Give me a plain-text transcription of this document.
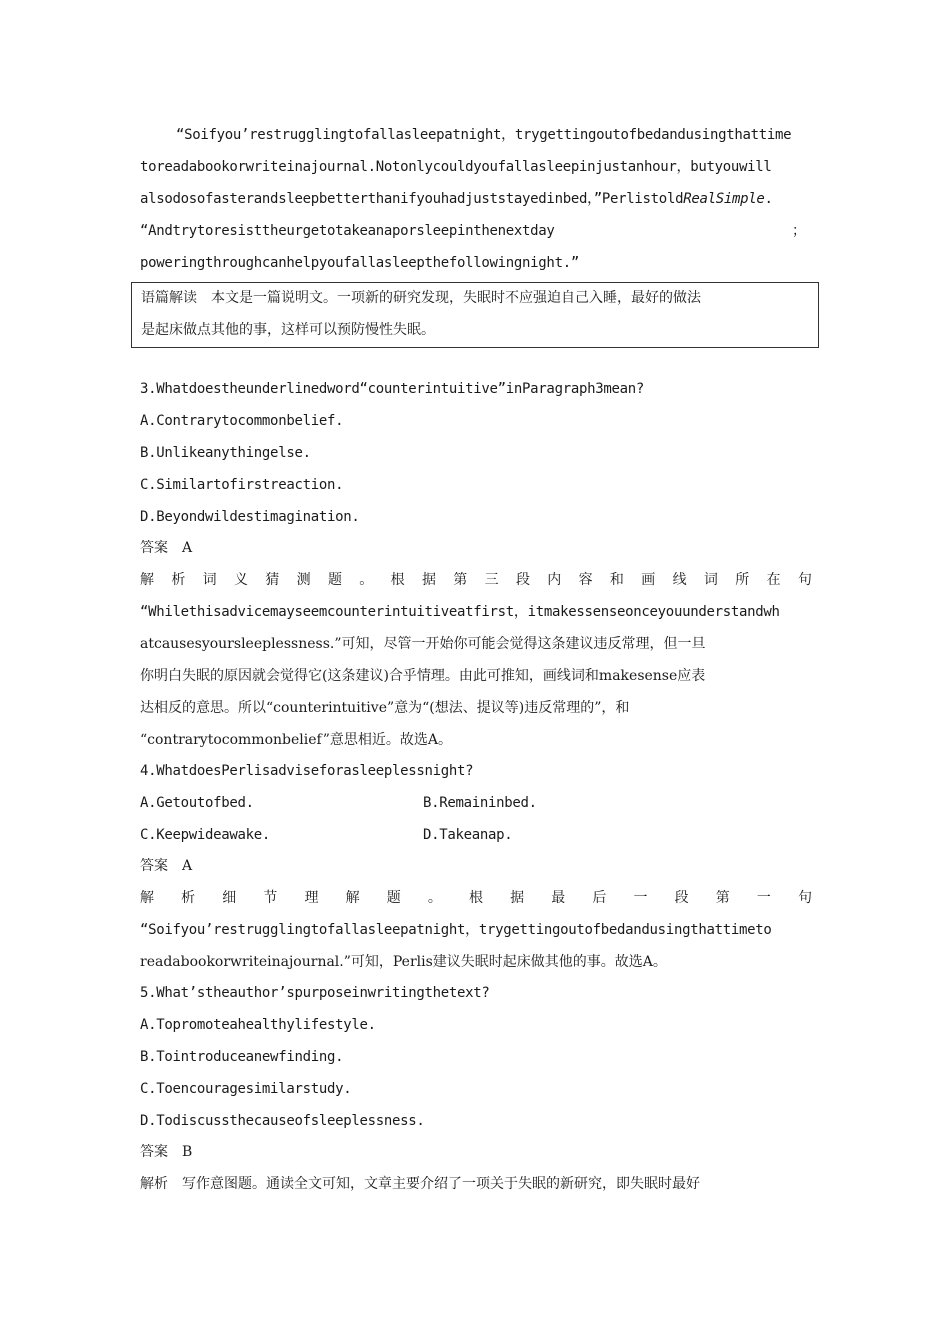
“Soifyou’restrugglingtofallasleepatnight，trygettingoutofbedandusingthattime
toreadabookorwriteinajournal.Notonlycouldyoufallasleepinjustanhour，butyouwill
alsodosofasterandsleepbetterthanifyouhadjuststayedinbed，”PerlistoldRealSimple.
“Andtrytoresisttheurgetotakeanaporsleepinthenextday	；
poweringthroughcanhelpyoufallasleepthefollowingnight.”
语篇解读　本文是一篇说明文。一项新的研究发现，失眠时不应强迫自己入睡，最好的做法
是起床做点其他的事，这样可以预防慢性失眠。
3.Whatdoestheunderlinedword“counterintuitive”inParagraph3mean?
A.Contrarytocommonbelief.
B.Unlikeanythingelse.
C.Similartofirstreaction.
D.Beyondwildestimagination.
答案　A
解 析 词 义 猜 测 题 。 根 据 第 三 段 内 容 和 画 线 词 所 在 句
“Whilethisadvicemayseemcounterintuitiveatfirst，itmakessenseonceyouunderstandwh
atcausesyoursleeplessness.”可知，尽管一开始你可能会觉得这条建议违反常理，但一旦
你明白失眠的原因就会觉得它(这条建议)合乎情理。由此可推知，画线词和makesense应表
达相反的意思。所以“counterintuitive”意为“(想法、提议等)违反常理的”，和
“contrarytocommonbelief”意思相近。故选A。
4.WhatdoesPerlisadviseforasleeplessnight?
A.Getoutofbed.	B.Remaininbed.
C.Keepwideawake.	D.Takeanap.
答案　A
解 析 细 节 理 解 题 。 根 据 最 后 一 段 第 一 句
“Soifyou’restrugglingtofallasleepatnight，trygettingoutofbedandusingthattimeto
readabookorwriteinajournal.”可知，Perlis建议失眠时起床做其他的事。故选A。
5.What’stheauthor’spurposeinwritingthetext?
A.Topromoteahealthylifestyle.
B.Tointroduceanewfinding.
C.Toencouragesimilarstudy.
D.Todiscussthecauseofsleeplessness.
答案　B
解析　写作意图题。通读全文可知，文章主要介绍了一项关于失眠的新研究，即失眠时最好
